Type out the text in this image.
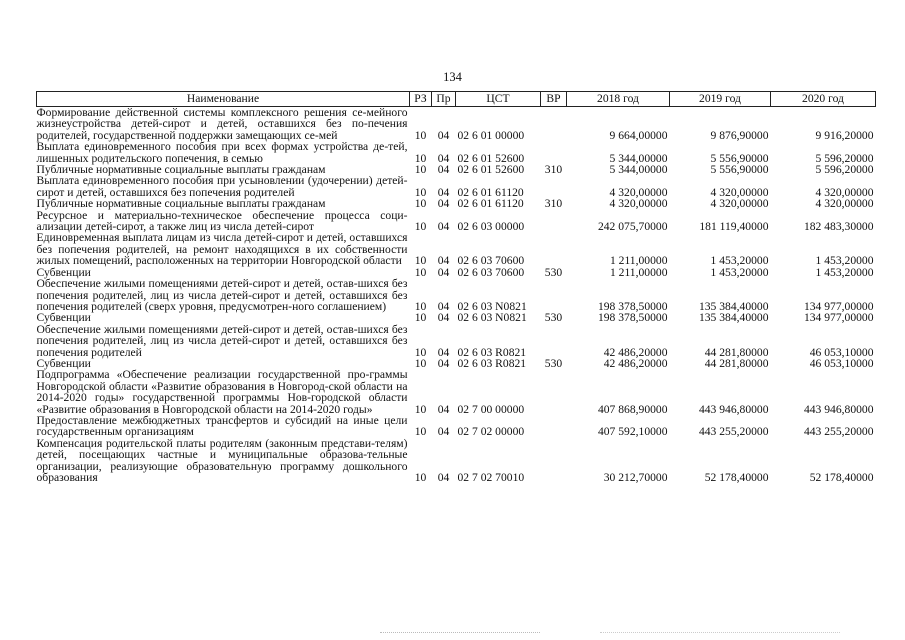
134
Наименование	РЗ	Пр	ЦСТ	ВР	2018 год	2019 год	2020 год
Формирование действенной системы комплексного решения се-мейного жизнеустройства детей-сирот и детей, оставшихся без по-печения родителей, государственной поддержки замещающих се-мей	10	04	02 6 01 00000		9 664,00000	9 876,90000	9 916,20000
Выплата единовременного пособия при всех формах устройства де-тей, лишенных родительского попечения, в семью	10	04	02 6 01 52600		5 344,00000	5 556,90000	5 596,20000
Публичные нормативные социальные выплаты гражданам	10	04	02 6 01 52600	310	5 344,00000	5 556,90000	5 596,20000
Выплата единовременного пособия при усыновлении (удочерении) детей-сирот и детей, оставшихся без попечения родителей	10	04	02 6 01 61120		4 320,00000	4 320,00000	4 320,00000
Публичные нормативные социальные выплаты гражданам	10	04	02 6 01 61120	310	4 320,00000	4 320,00000	4 320,00000
Ресурсное и материально-техническое обеспечение процесса соци-ализации детей-сирот, а также лиц из числа детей-сирот	10	04	02 6 03 00000		242 075,70000	181 119,40000	182 483,30000
Единовременная выплата лицам из числа детей-сирот и детей, оставшихся без попечения родителей, на ремонт находящихся в их собственности жилых помещений, расположенных на территории Новгородской области	10	04	02 6 03 70600		1 211,00000	1 453,20000	1 453,20000
Субвенции	10	04	02 6 03 70600	530	1 211,00000	1 453,20000	1 453,20000
Обеспечение жилыми помещениями детей-сирот и детей, остав-шихся без попечения родителей, лиц из числа детей-сирот и детей, оставшихся без попечения родителей (сверх уровня, предусмотрен-ного соглашением)	10	04	02 6 03 N0821		198 378,50000	135 384,40000	134 977,00000
Субвенции	10	04	02 6 03 N0821	530	198 378,50000	135 384,40000	134 977,00000
Обеспечение жилыми помещениями детей-сирот и детей, остав-шихся без попечения родителей, лиц из числа детей-сирот и детей, оставшихся без попечения родителей	10	04	02 6 03 R0821		42 486,20000	44 281,80000	46 053,10000
Субвенции	10	04	02 6 03 R0821	530	42 486,20000	44 281,80000	46 053,10000
Подпрограмма «Обеспечение реализации государственной про-граммы Новгородской области «Развитие образования в Новгород-ской области на 2014-2020 годы» государственной программы Нов-городской области «Развитие образования в Новгородской области на 2014-2020 годы»	10	04	02 7 00 00000		407 868,90000	443 946,80000	443 946,80000
Предоставление межбюджетных трансфертов и субсидий на иные цели государственным организациям	10	04	02 7 02 00000		407 592,10000	443 255,20000	443 255,20000
Компенсация родительской платы родителям (законным представи-телям) детей, посещающих частные и муниципальные образова-тельные организации, реализующие образовательную программу дошкольного образования	10	04	02 7 02 70010		30 212,70000	52 178,40000	52 178,40000
